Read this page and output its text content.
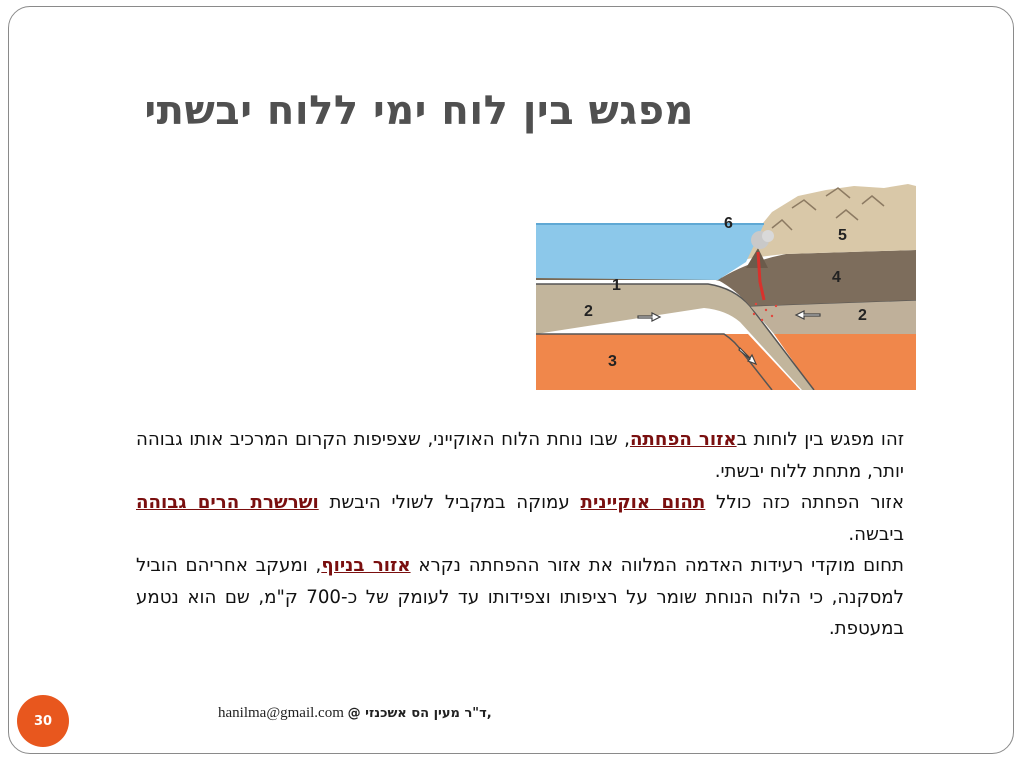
מפגש בין לוח ימי ללוח יבשתי
1
2	2
3
4
5
6

זהו מפגש בין לוחות באזור הפחתה, שבו נוחת הלוח האוקייני, שצפיפות הקרום המרכיב אותו גבוהה יותר, מתחת ללוח יבשתי.

אזור הפחתה כזה כולל תהום אוקיינית עמוקה במקביל לשולי היבשת ושרשרת הרים גבוהה ביבשה.

תחום מוקדי רעידות האדמה המלווה את אזור ההפחתה נקרא אזור בניוף, ומעקב אחריהם הוביל למסקנה, כי הלוח הנוחת שומר על רציפותו וצפידותו עד לעומק של כ-700 ק"מ, שם הוא נטמע במעטפת.

hanilma@gmail.com @ ד"ר מעין הס אשכנזי,
30
